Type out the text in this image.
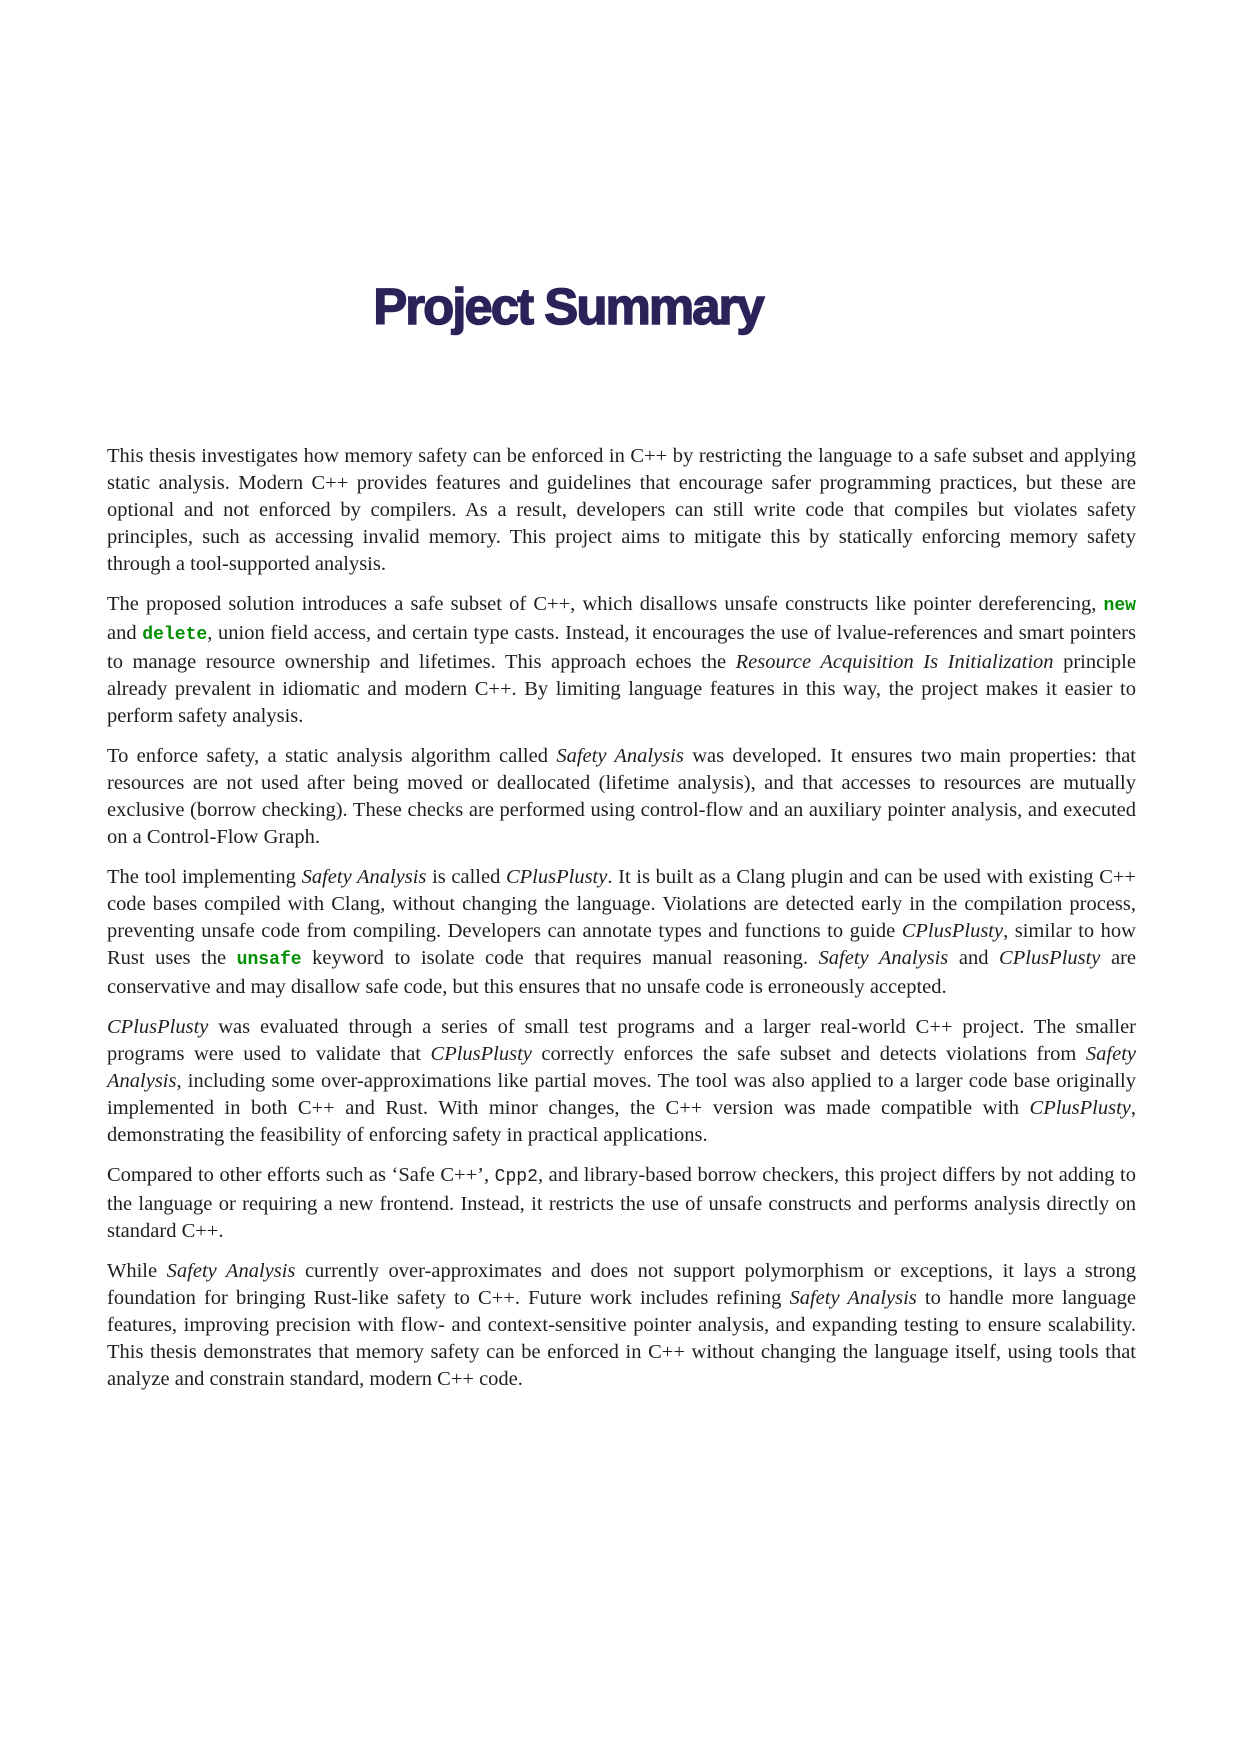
Project Summary

This thesis investigates how memory safety can be enforced in C++ by restricting the language to a safe subset and applying static analysis. Modern C++ provides features and guidelines that encourage safer programming practices, but these are optional and not enforced by compilers. As a result, developers can still write code that compiles but violates safety principles, such as accessing invalid memory. This project aims to mitigate this by statically enforcing memory safety through a tool-supported analysis.

The proposed solution introduces a safe subset of C++, which disallows unsafe constructs like pointer dereferencing, new and delete, union field access, and certain type casts. Instead, it encourages the use of lvalue-references and smart pointers to manage resource ownership and lifetimes. This approach echoes the Resource Acquisition Is Initialization principle already prevalent in idiomatic and modern C++. By limiting language features in this way, the project makes it easier to perform safety analysis.

To enforce safety, a static analysis algorithm called Safety Analysis was developed. It ensures two main properties: that resources are not used after being moved or deallocated (lifetime analysis), and that accesses to resources are mutually exclusive (borrow checking). These checks are performed using control-flow and an auxiliary pointer analysis, and executed on a Control-Flow Graph.

The tool implementing Safety Analysis is called CPlusPlusty. It is built as a Clang plugin and can be used with existing C++ code bases compiled with Clang, without changing the language. Violations are detected early in the compilation process, preventing unsafe code from compiling. Developers can annotate types and functions to guide CPlusPlusty, similar to how Rust uses the unsafe keyword to isolate code that requires manual reasoning. Safety Analysis and CPlusPlusty are conservative and may disallow safe code, but this ensures that no unsafe code is erroneously accepted.

CPlusPlusty was evaluated through a series of small test programs and a larger real-world C++ project. The smaller programs were used to validate that CPlusPlusty correctly enforces the safe subset and detects violations from Safety Analysis, including some over-approximations like partial moves. The tool was also applied to a larger code base originally implemented in both C++ and Rust. With minor changes, the C++ version was made compatible with CPlusPlusty, demonstrating the feasibility of enforcing safety in practical applications.

Compared to other efforts such as ‘Safe C++’, Cpp2, and library-based borrow checkers, this project differs by not adding to the language or requiring a new frontend. Instead, it restricts the use of unsafe constructs and performs analysis directly on standard C++.

While Safety Analysis currently over-approximates and does not support polymorphism or exceptions, it lays a strong foundation for bringing Rust-like safety to C++. Future work includes refining Safety Analysis to handle more language features, improving precision with flow- and context-sensitive pointer analysis, and expanding testing to ensure scalability. This thesis demonstrates that memory safety can be enforced in C++ without changing the language itself, using tools that analyze and constrain standard, modern C++ code.
